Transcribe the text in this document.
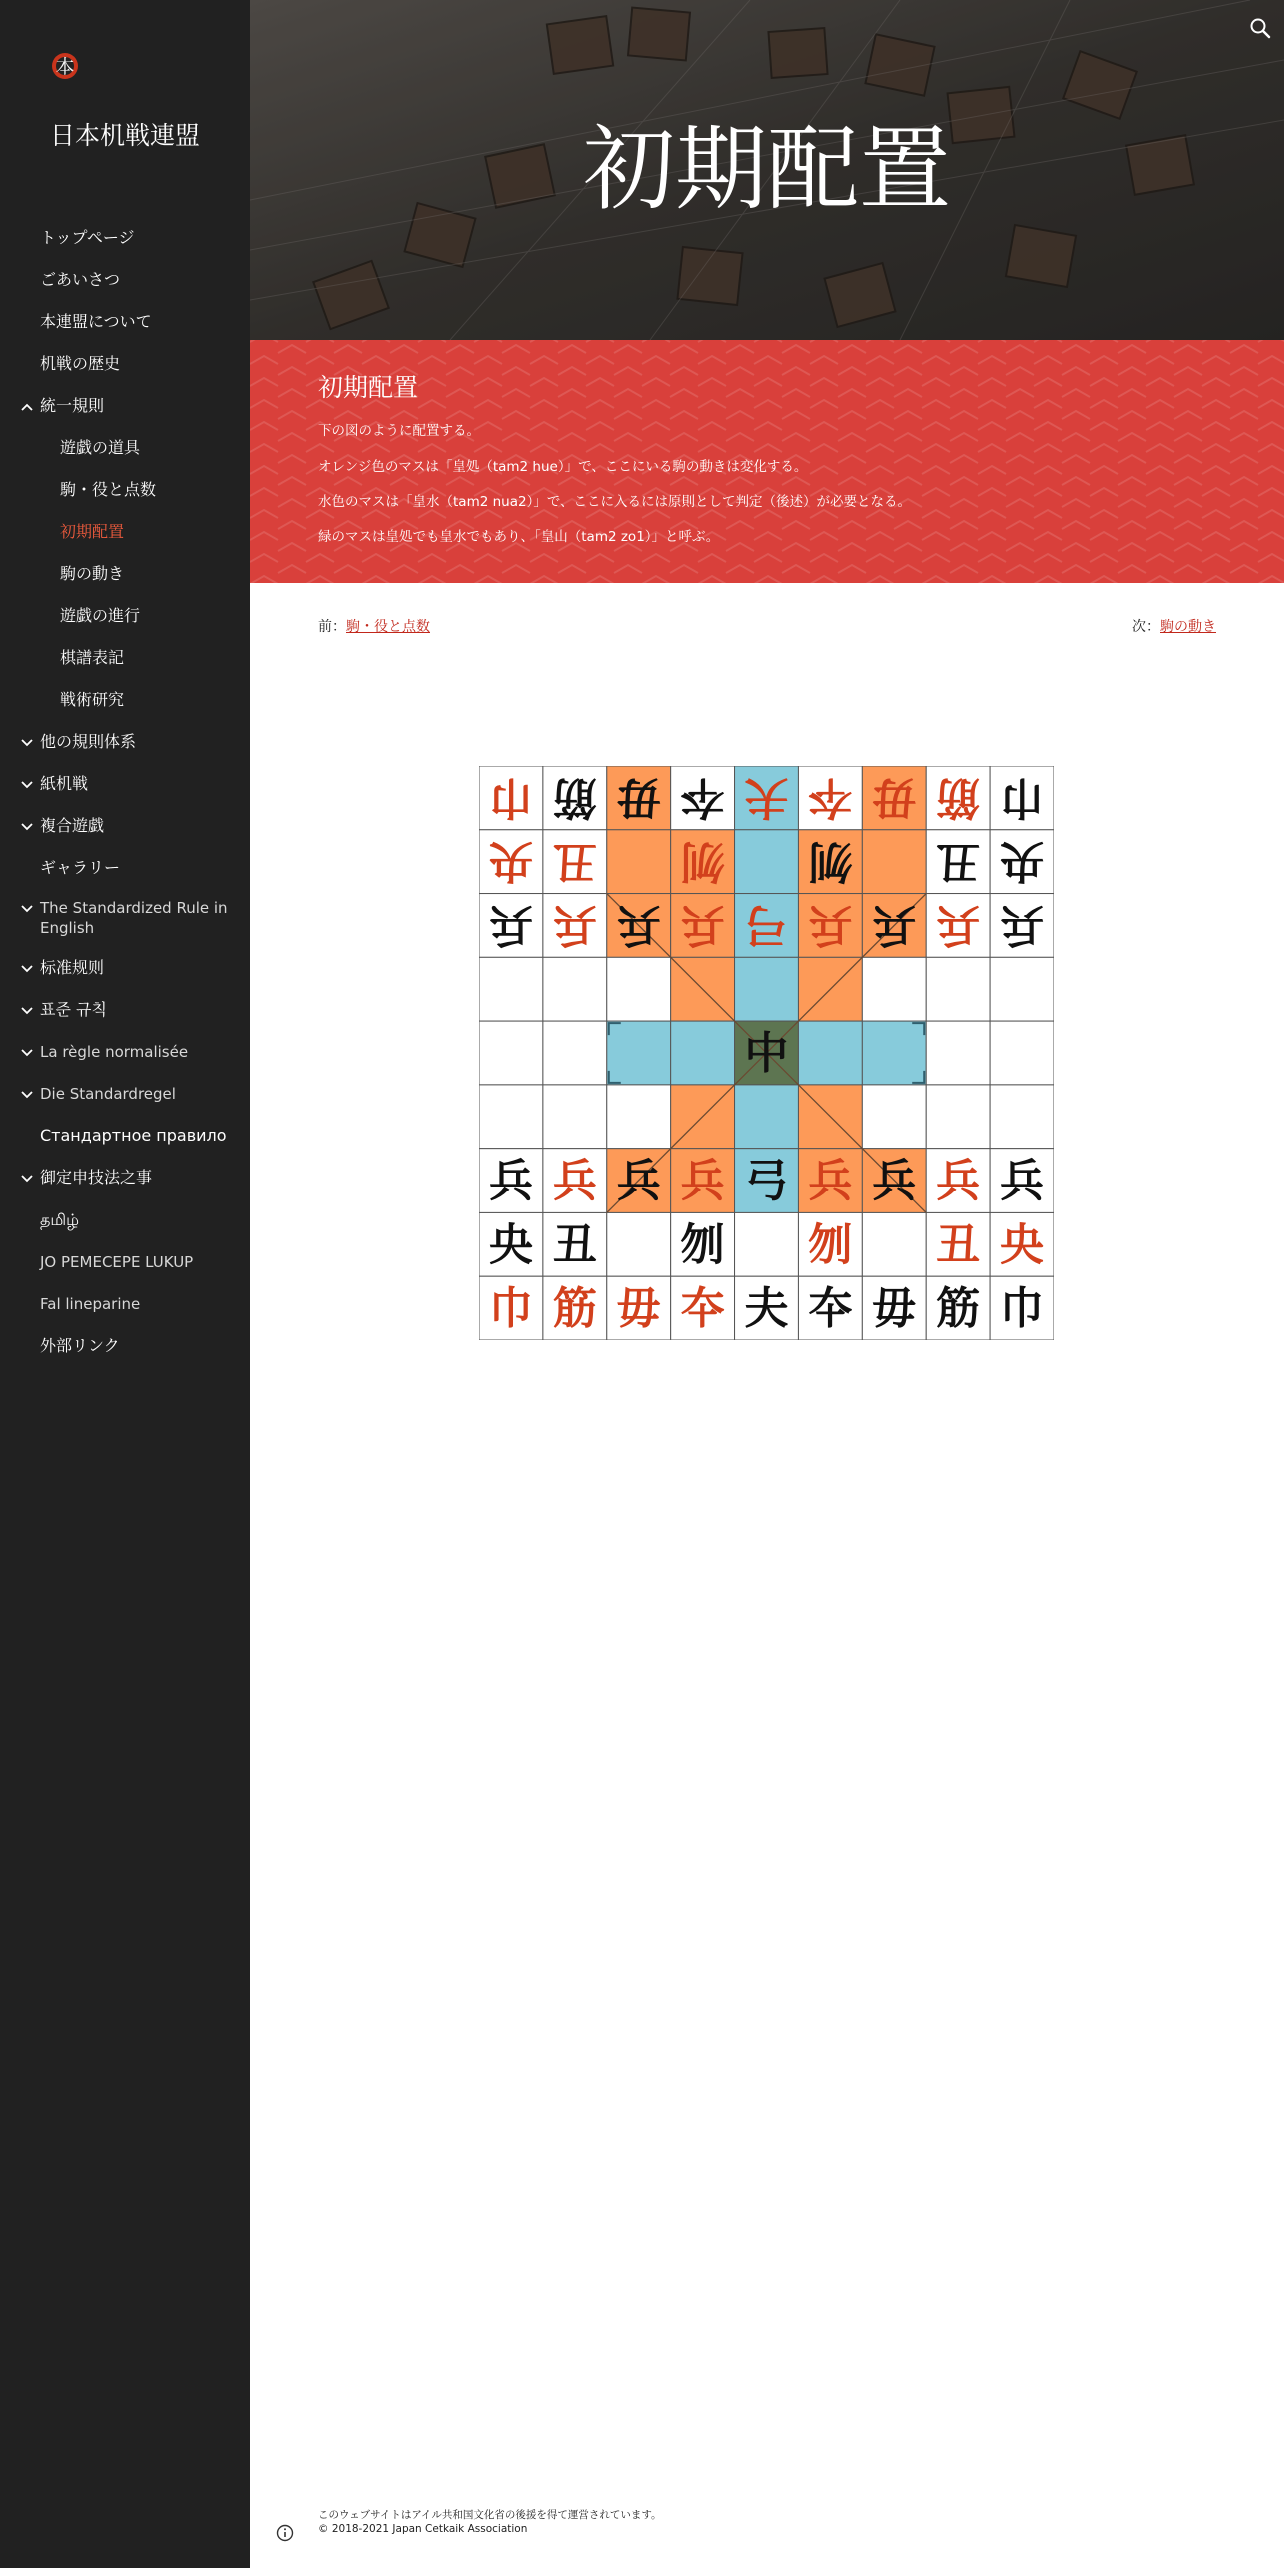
本
日本机戦連盟
トップページ
ごあいさつ
本連盟について
机戦の歴史
統一規則
遊戯の道具
駒・役と点数
初期配置
駒の動き
遊戯の進行
棋譜表記
戦術研究
他の規則体系
紙机戦
複合遊戯
ギャラリー
The Standardized Rule in
English
标准规则
표준 규칙
La règle normalisée
Die Standardregel
Стандартное правило
御定申技法之事
தமிழ்
JO PEMECEPE LUKUP
Fal lineparine
外部リンク
初期配置
初期配置
下の図のように配置する。
オレンジ色のマスは「皇処（tam2 hue）」で、ここにいる駒の動きは変化する。
水色のマスは「皇水（tam2 nua2）」で、ここに入るには原則として判定（後述）が必要となる。
緑のマスは皇処でも皇水でもあり、「皇山（tam2 zo1）」と呼ぶ。
前：駒・役と点数	次：駒の動き
巾 筋 毋 夲 夫 夲 毋 筋 巾
央 丑 刎 刎 丑 央
兵 兵 兵 兵 弓 兵 兵 兵 兵
中
兵 兵 兵 兵 弓 兵 兵 兵 兵
央 丑 刎 刎 丑 央
巾 筋 毋 夲 夫 夲 毋 筋 巾
このウェブサイトはアイル共和国文化省の後援を得て運営されています。
© 2018-2021 Japan Cetkaik Association
